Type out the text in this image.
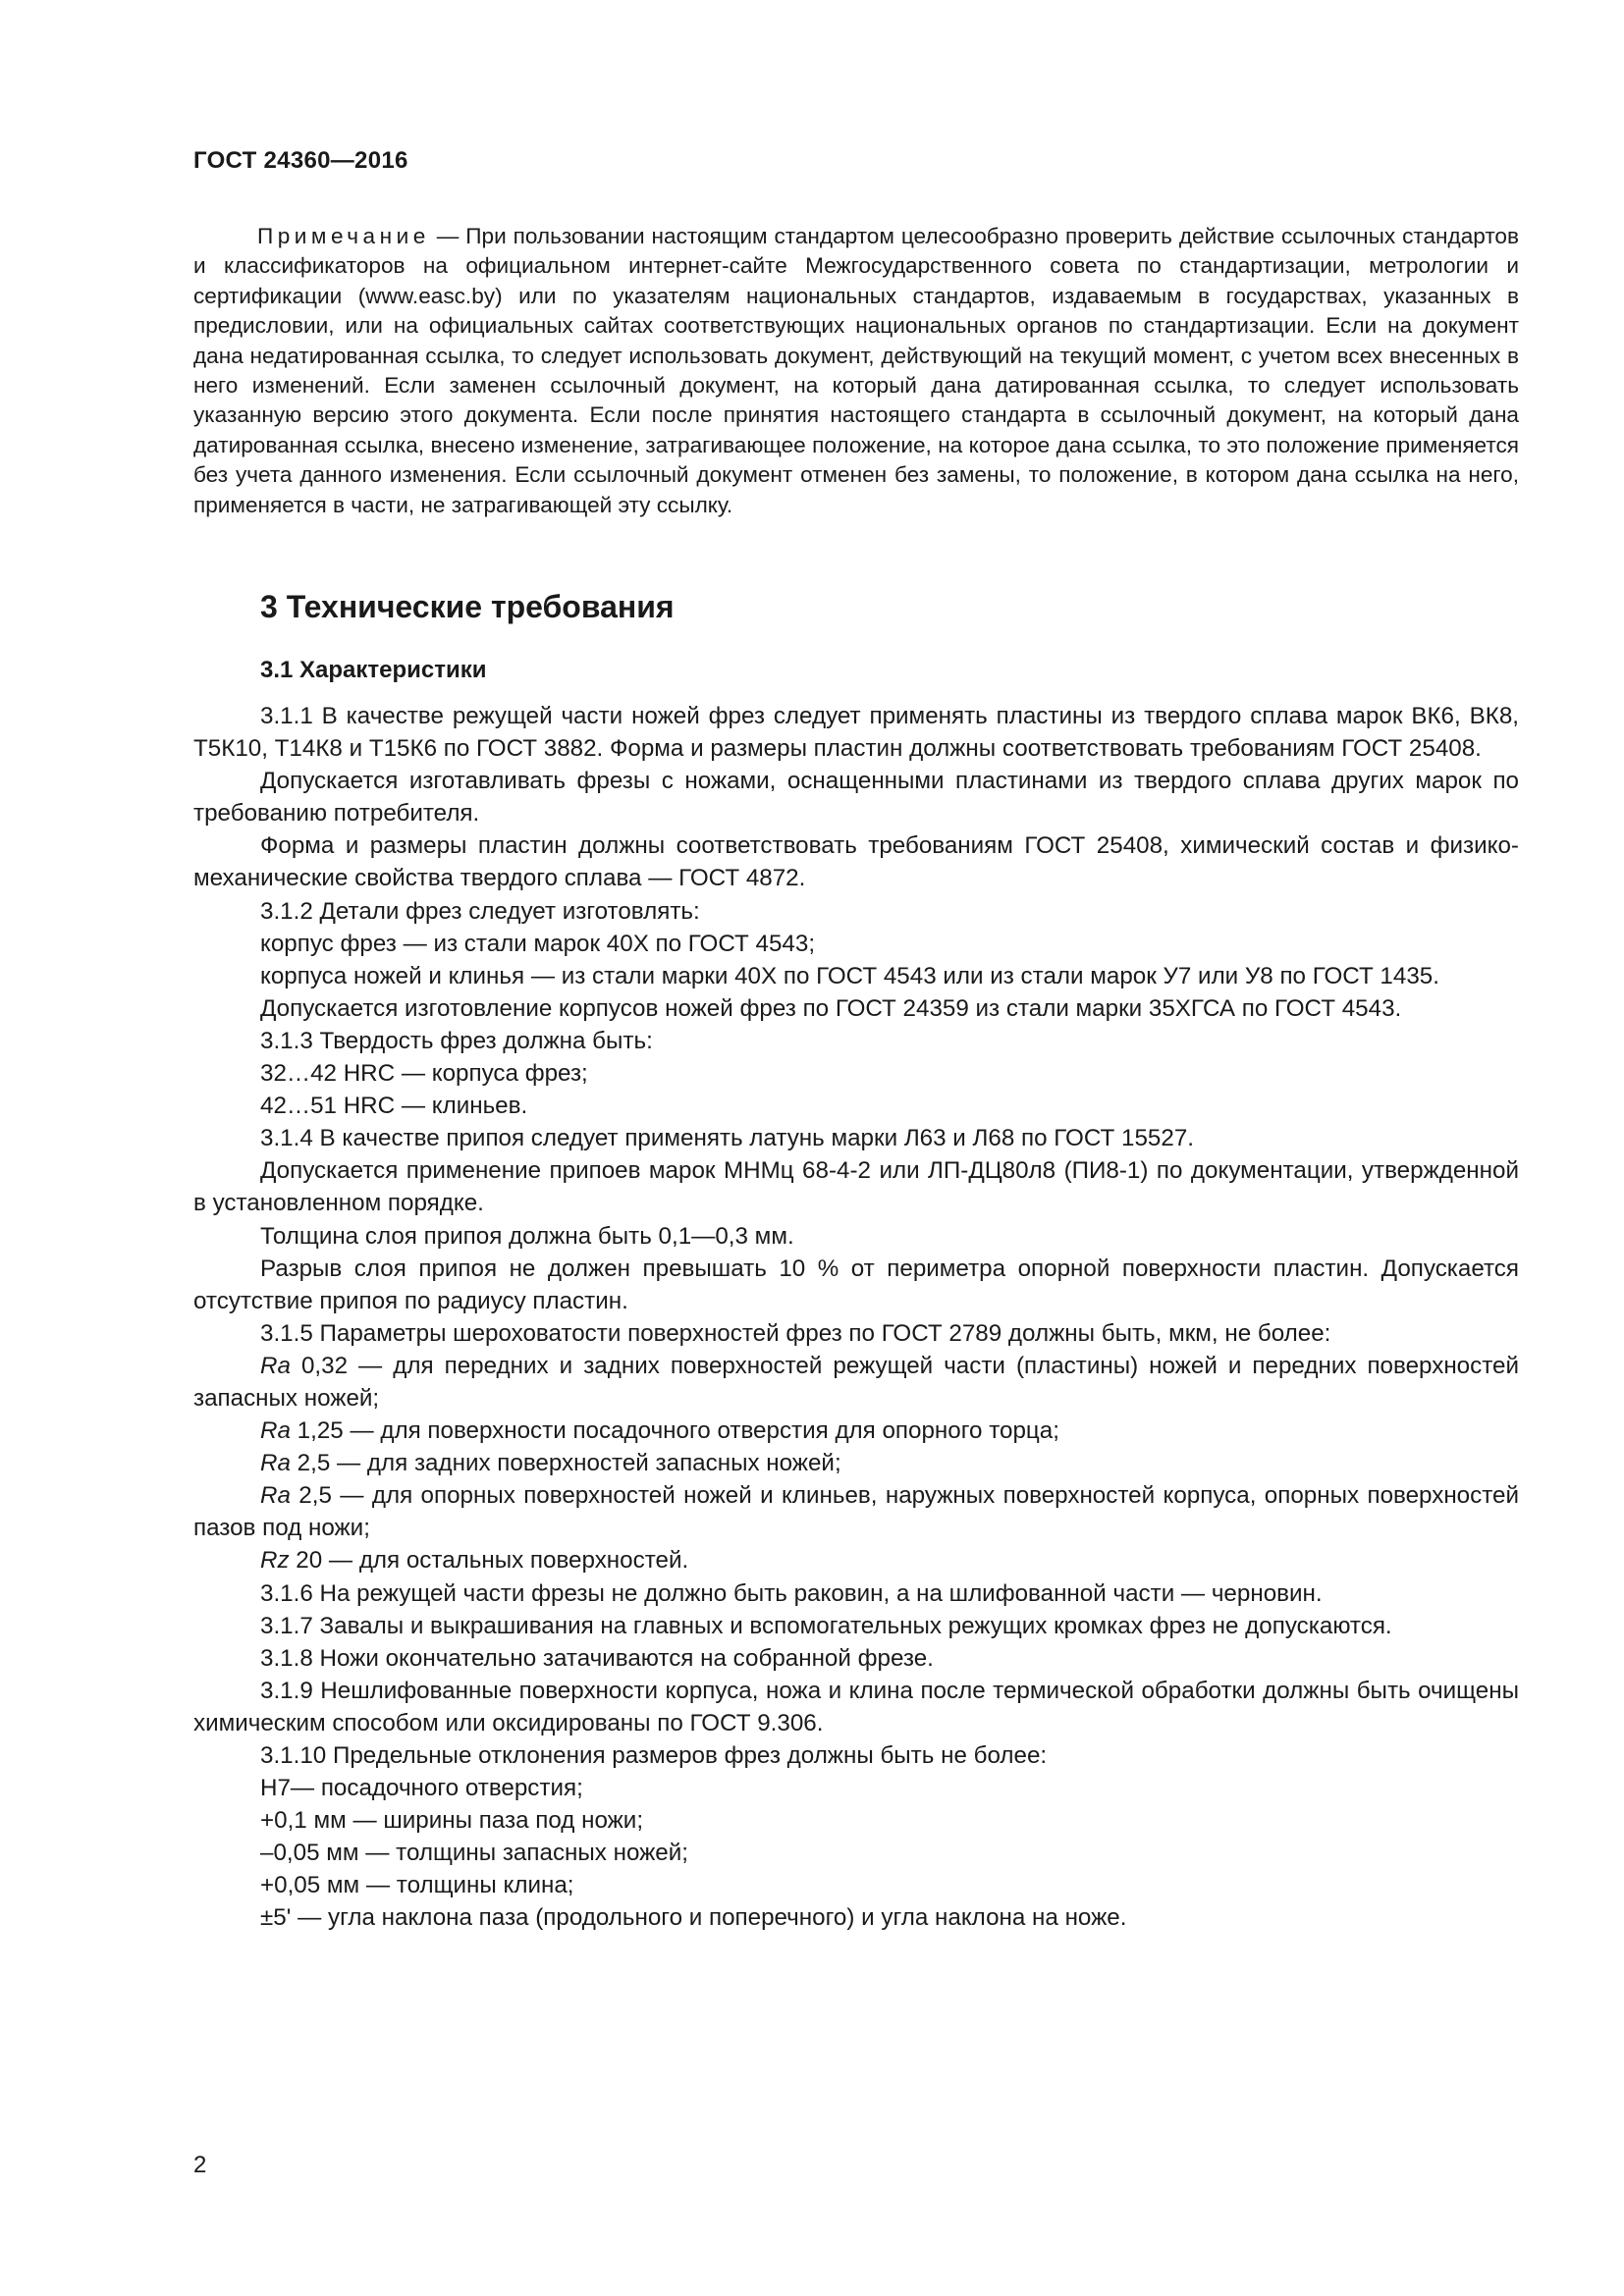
ГОСТ 24360—2016
Примечание — При пользовании настоящим стандартом целесообразно проверить действие ссылочных стандартов и классификаторов на официальном интернет-сайте Межгосударственного совета по стандартизации, метрологии и сертификации (www.easc.by) или по указателям национальных стандартов, издаваемым в государствах, указанных в предисловии, или на официальных сайтах соответствующих национальных органов по стандартизации. Если на документ дана недатированная ссылка, то следует использовать документ, действующий на текущий момент, с учетом всех внесенных в него изменений. Если заменен ссылочный документ, на который дана датированная ссылка, то следует использовать указанную версию этого документа. Если после принятия настоящего стандарта в ссылочный документ, на который дана датированная ссылка, внесено изменение, затрагивающее положение, на которое дана ссылка, то это положение применяется без учета данного изменения. Если ссылочный документ отменен без замены, то положение, в котором дана ссылка на него, применяется в части, не затрагивающей эту ссылку.
3 Технические требования
3.1 Характеристики

3.1.1 В качестве режущей части ножей фрез следует применять пластины из твердого сплава марок ВК6, ВК8, Т5К10, Т14К8 и Т15К6 по ГОСТ 3882. Форма и размеры пластин должны соответствовать требованиям ГОСТ 25408.

Допускается изготавливать фрезы с ножами, оснащенными пластинами из твердого сплава других марок по требованию потребителя.

Форма и размеры пластин должны соответствовать требованиям ГОСТ 25408, химический состав и физико-механические свойства твердого сплава — ГОСТ 4872.

3.1.2 Детали фрез следует изготовлять:

корпус фрез — из стали марок 40Х по ГОСТ 4543;

корпуса ножей и клинья — из стали марки 40Х по ГОСТ 4543 или из стали марок У7 или У8 по ГОСТ 1435.

Допускается изготовление корпусов ножей фрез по ГОСТ 24359 из стали марки 35ХГСА по ГОСТ 4543.

3.1.3 Твердость фрез должна быть:

32…42 HRC — корпуса фрез;

42…51 HRC — клиньев.

3.1.4 В качестве припоя следует применять латунь марки Л63 и Л68 по ГОСТ 15527.

Допускается применение припоев марок МНМц 68-4-2 или ЛП-ДЦ80л8 (ПИ8-1) по документации, утвержденной в установленном порядке.

Толщина слоя припоя должна быть 0,1—0,3 мм.

Разрыв слоя припоя не должен превышать 10 % от периметра опорной поверхности пластин. Допускается отсутствие припоя по радиусу пластин.

3.1.5 Параметры шероховатости поверхностей фрез по ГОСТ 2789 должны быть, мкм, не более:

Ra 0,32 — для передних и задних поверхностей режущей части (пластины) ножей и передних поверхностей запасных ножей;

Ra 1,25 — для поверхности посадочного отверстия для опорного торца;

Ra 2,5 — для задних поверхностей запасных ножей;

Ra 2,5 — для опорных поверхностей ножей и клиньев, наружных поверхностей корпуса, опорных поверхностей пазов под ножи;

Rz 20 — для остальных поверхностей.

3.1.6 На режущей части фрезы не должно быть раковин, а на шлифованной части — черновин.

3.1.7 Завалы и выкрашивания на главных и вспомогательных режущих кромках фрез не допускаются.

3.1.8 Ножи окончательно затачиваются на собранной фрезе.

3.1.9 Нешлифованные поверхности корпуса, ножа и клина после термической обработки должны быть очищены химическим способом или оксидированы по ГОСТ 9.306.

3.1.10 Предельные отклонения размеров фрез должны быть не более:

Н7— посадочного отверстия;

+0,1 мм — ширины паза под ножи;

–0,05 мм — толщины запасных ножей;

+0,05 мм — толщины клина;

±5' — угла наклона паза (продольного и поперечного) и угла наклона на ноже.

2
